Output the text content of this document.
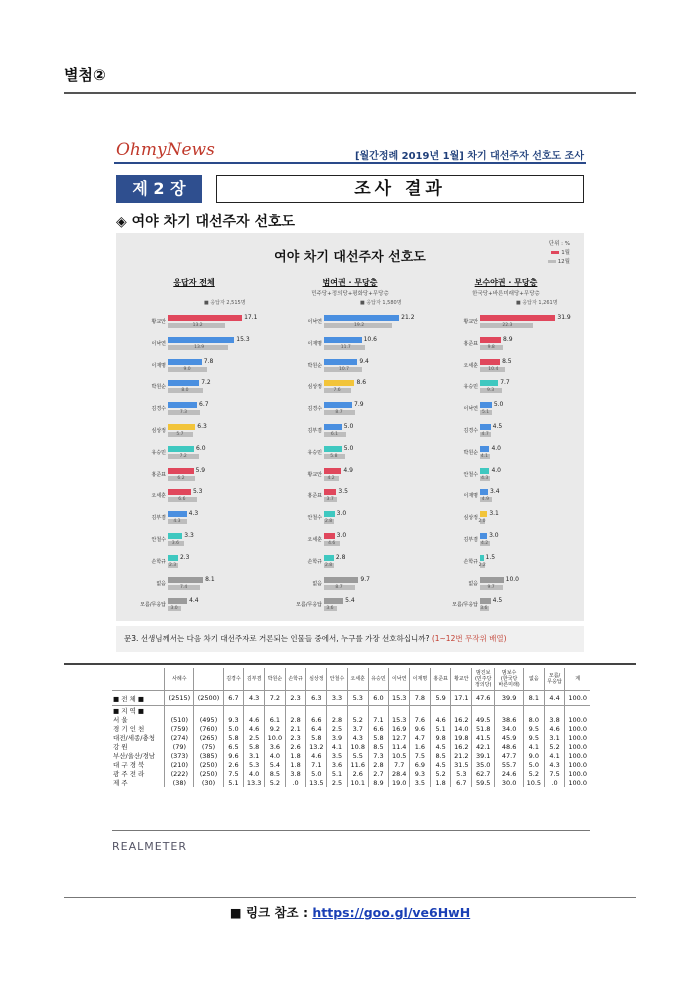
별첨②
OhmyNews	[월간정례 2019년 1월] 차기 대선주자 선호도 조사
제 2 장	조사 결과
◈ 여야 차기 대선주자 선호도
여야 차기 대선주자 선호도
단위 : %
1월
12월
응답자 전체
■ 응답자 2,515명
황교안
17.1
13.2
이낙연
15.3
13.9
이재명
7.8
9.0
박원순
7.2
8.0
김경수
6.7
7.3
심상정
6.3
5.7
유승민
6.0
7.2
홍준표
5.9
6.2
오세훈
5.3
6.6
김부겸
4.3
4.3
안철수
3.3
3.6
손학규
2.3
2.3
없음
8.1
7.4
모름/무응답
4.4
3.0
범여권 · 무당층
민주당+정의당+평화당+무당층
■ 응답자 1,580명
이낙연
21.2
19.2
이재명
10.6
11.7
박원순
9.4
10.7
심상정
8.6
7.6
김경수
7.9
8.7
김부겸
5.0
6.1
유승민
5.0
5.8
황교안
4.9
4.2
홍준표
3.5
3.7
안철수
3.0
2.8
오세훈
3.0
4.6
손학규
2.8
2.8
없음
9.7
8.7
모름/무응답
5.4
3.6
보수야권 · 무당층
한국당+바른미래당+무당층
■ 응답자 1,261명
황교안
31.9
22.3
홍준표
8.9
9.8
오세훈
8.5
10.4
유승민
7.7
9.3
이낙연
5.0
5.1
김경수
4.5
4.7
박원순
4.0
4.1
안철수
4.0
4.3
이재명
3.4
4.9
심상정
3.1
2.0
김부겸
3.0
4.2
손학규
1.5
2.2
없음
10.0
9.7
모름/무응답
4.5
3.6
문3. 선생님께서는 다음 차기 대선주자로 거론되는 인물들 중에서, 누구를 가장 선호하십니까? (1~12번 무작위 배열)
	사례수		김경수	김부겸	박원순	손학규	심상정	안철수	오세훈	유승민	이낙연	이재명	홍준표	황교안	범진보
(민주당
정의당)	범보수
(한국당
바른미래)	없음	모름/
무응답	계
■ 전 체 ■	(2515)	(2500)	6.7	4.3	7.2	2.3	6.3	3.3	5.3	6.0	15.3	7.8	5.9	17.1	47.6	39.9	8.1	4.4	100.0
■ 지 역 ■																			
서 울	(510)	(495)	9.3	4.6	6.1	2.8	6.6	2.8	5.2	7.1	15.3	7.6	4.6	16.2	49.5	38.6	8.0	3.8	100.0
경 기 인 천	(759)	(760)	5.0	4.6	9.2	2.1	6.4	2.5	3.7	6.6	16.9	9.6	5.1	14.0	51.8	34.0	9.5	4.6	100.0
대전/세종/충청	(274)	(265)	5.8	2.5	10.0	2.3	5.8	3.9	4.3	5.8	12.7	4.7	9.8	19.8	41.5	45.9	9.5	3.1	100.0
강 원	(79)	(75)	6.5	5.8	3.6	2.6	13.2	4.1	10.8	8.5	11.4	1.6	4.5	16.2	42.1	48.6	4.1	5.2	100.0
부산/울산/경남	(373)	(385)	9.6	3.1	4.0	1.8	4.6	3.5	5.5	7.3	10.5	7.5	8.5	21.2	39.1	47.7	9.0	4.1	100.0
대 구 경 북	(210)	(250)	2.6	5.3	5.4	1.8	7.1	3.6	11.6	2.8	7.7	6.9	4.5	31.5	35.0	55.7	5.0	4.3	100.0
광 주 전 라	(222)	(250)	7.5	4.0	8.5	3.8	5.0	5.1	2.6	2.7	28.4	9.3	5.2	5.3	62.7	24.6	5.2	7.5	100.0
제 주	(38)	(30)	5.1	13.3	5.2	.0	13.5	2.5	10.1	8.9	19.0	3.5	1.8	6.7	59.5	30.0	10.5	.0	100.0
REALMETER
■ 링크 참조 : https://goo.gl/ve6HwH
